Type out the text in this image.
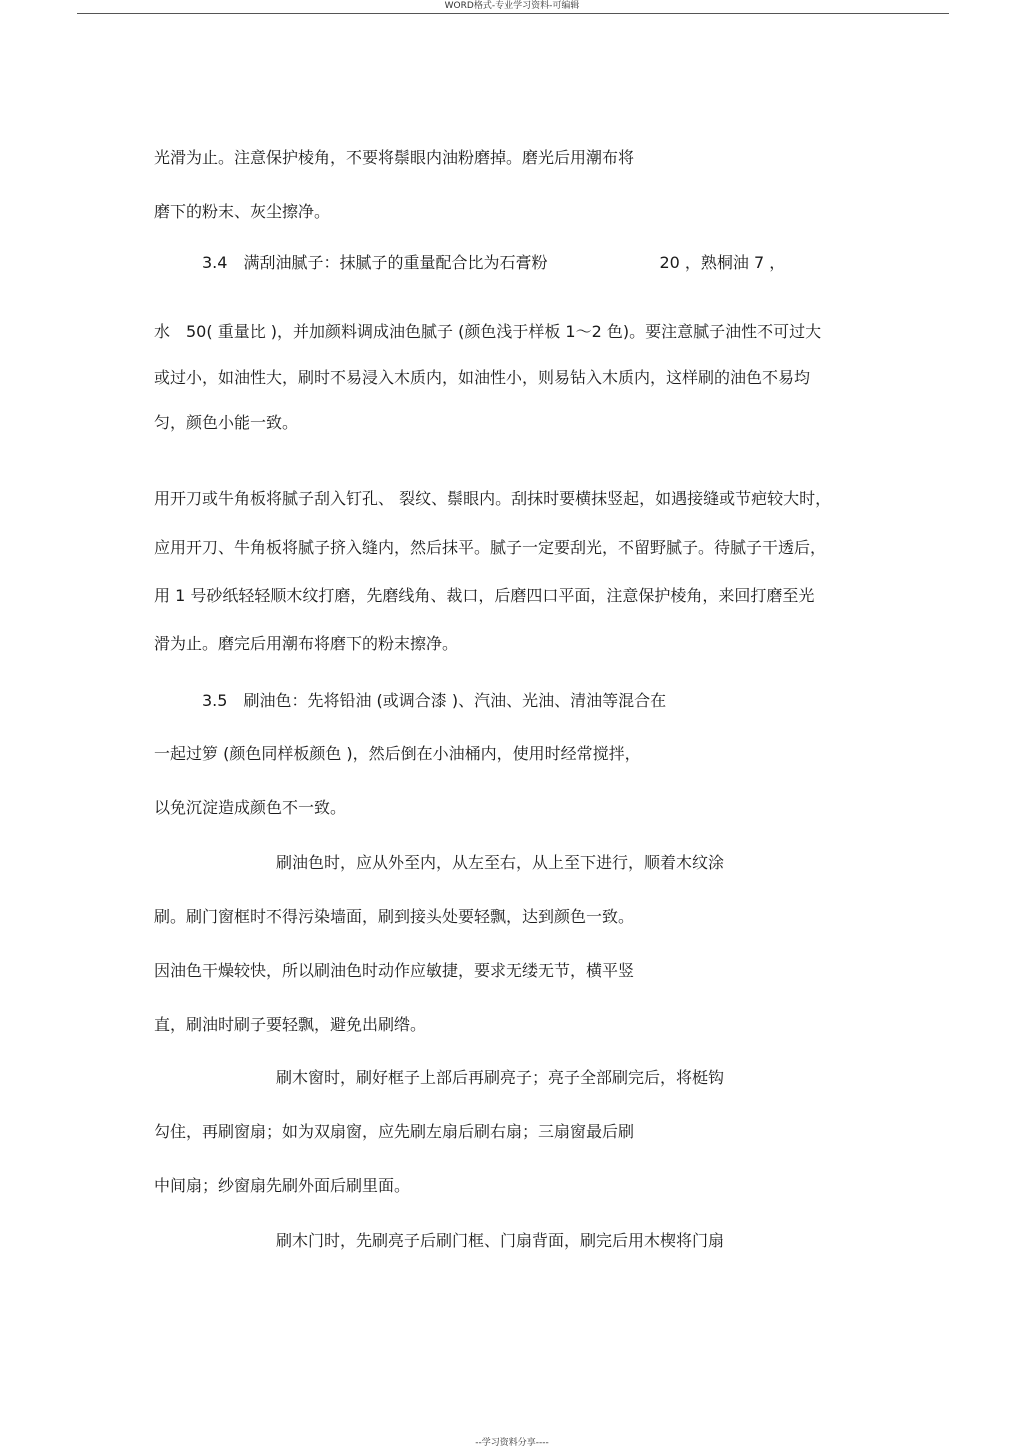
WORD格式-专业学习资料-可编辑
光滑为止。注意保护棱角，不要将鬃眼内油粉磨掉。磨光后用潮布将
磨下的粉末、灰尘擦净。
3.4　满刮油腻子：抹腻子的重量配合比为石膏粉　　　　　　　20 ，熟桐油 7 ，
水　50( 重量比 )，并加颜料调成油色腻子 (颜色浅于样板 1～2 色)。要注意腻子油性不可过大
或过小，如油性大，刷时不易浸入木质内，如油性小，则易钻入木质内，这样刷的油色不易均
匀，颜色小能一致。
用开刀或牛角板将腻子刮入钉孔、 裂纹、鬃眼内。刮抹时要横抹竖起，如遇接缝或节疤较大时，
应用开刀、牛角板将腻子挤入缝内，然后抹平。腻子一定要刮光，不留野腻子。待腻子干透后，
用 1 号砂纸轻轻顺木纹打磨，先磨线角、裁口，后磨四口平面，注意保护棱角，来回打磨至光
滑为止。磨完后用潮布将磨下的粉末擦净。
3.5　刷油色：先将铅油 (或调合漆 )、汽油、光油、清油等混合在
一起过箩 (颜色同样板颜色 )，然后倒在小油桶内，使用时经常搅拌，
以免沉淀造成颜色不一致。
刷油色时，应从外至内，从左至右，从上至下进行，顺着木纹涂
刷。刷门窗框时不得污染墙面，刷到接头处要轻飘，达到颜色一致。
因油色干燥较快，所以刷油色时动作应敏捷，要求无缕无节，横平竖
直，刷油时刷子要轻飘，避免出刷绺。
刷木窗时，刷好框子上部后再刷亮子；亮子全部刷完后，将梃钩
勾住，再刷窗扇；如为双扇窗，应先刷左扇后刷右扇；三扇窗最后刷
中间扇；纱窗扇先刷外面后刷里面。
刷木门时，先刷亮子后刷门框、门扇背面，刷完后用木楔将门扇
--学习资料分享----
